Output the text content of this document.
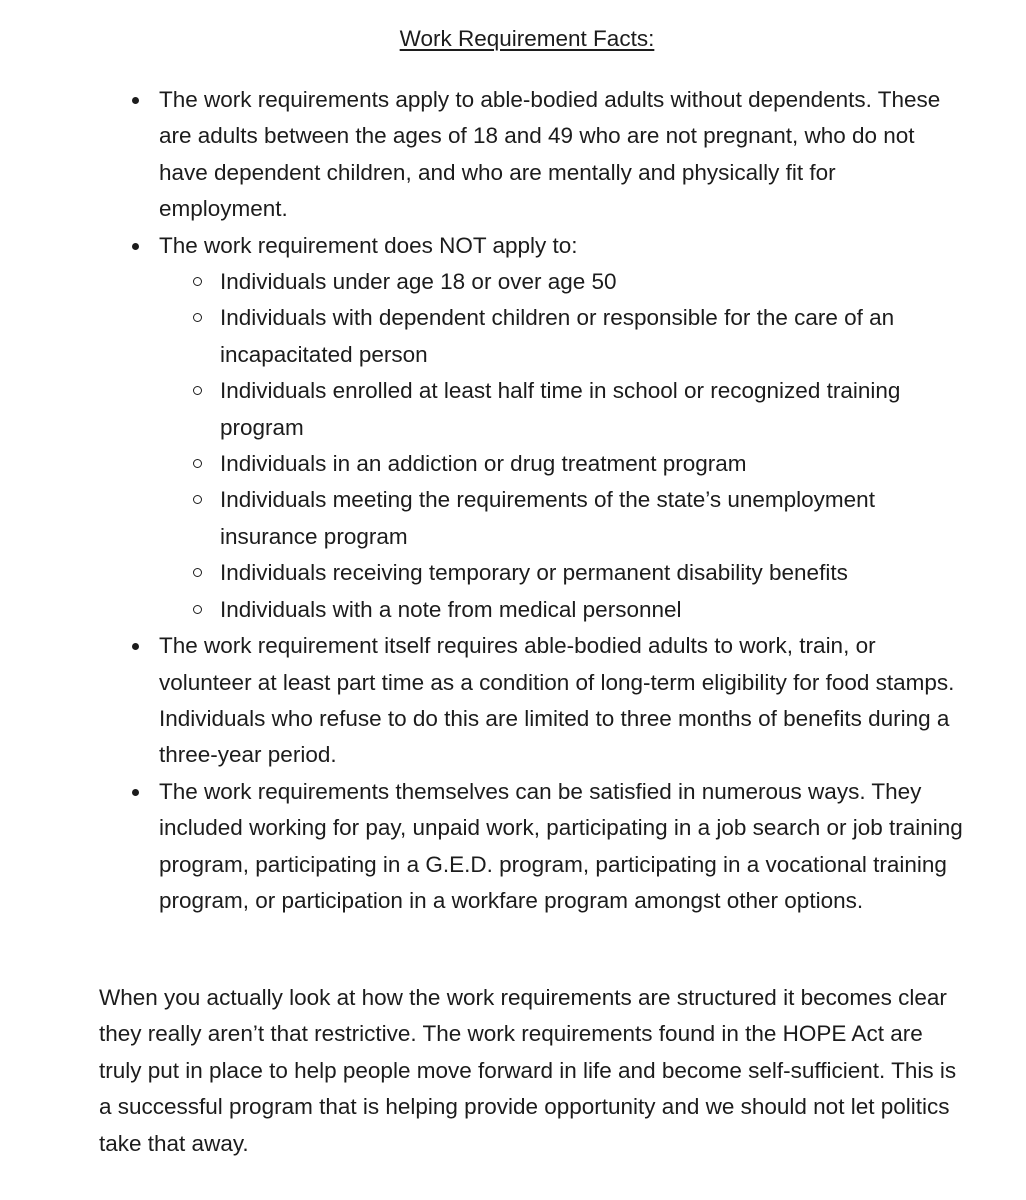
Work Requirement Facts:
The work requirements apply to able-bodied adults without dependents. These are adults between the ages of 18 and 49 who are not pregnant, who do not have dependent children, and who are mentally and physically fit for employment.
The work requirement does NOT apply to:
Individuals under age 18 or over age 50
Individuals with dependent children or responsible for the care of an incapacitated person
Individuals enrolled at least half time in school or recognized training program
Individuals in an addiction or drug treatment program
Individuals meeting the requirements of the state’s unemployment insurance program
Individuals receiving temporary or permanent disability benefits
Individuals with a note from medical personnel
The work requirement itself requires able-bodied adults to work, train, or volunteer at least part time as a condition of long-term eligibility for food stamps. Individuals who refuse to do this are limited to three months of benefits during a three-year period.
The work requirements themselves can be satisfied in numerous ways. They included working for pay, unpaid work, participating in a job search or job training program, participating in a G.E.D. program, participating in a vocational training program, or participation in a workfare program amongst other options.

When you actually look at how the work requirements are structured it becomes clear they really aren’t that restrictive. The work requirements found in the HOPE Act are truly put in place to help people move forward in life and become self-sufficient. This is a successful program that is helping provide opportunity and we should not let politics take that away.
